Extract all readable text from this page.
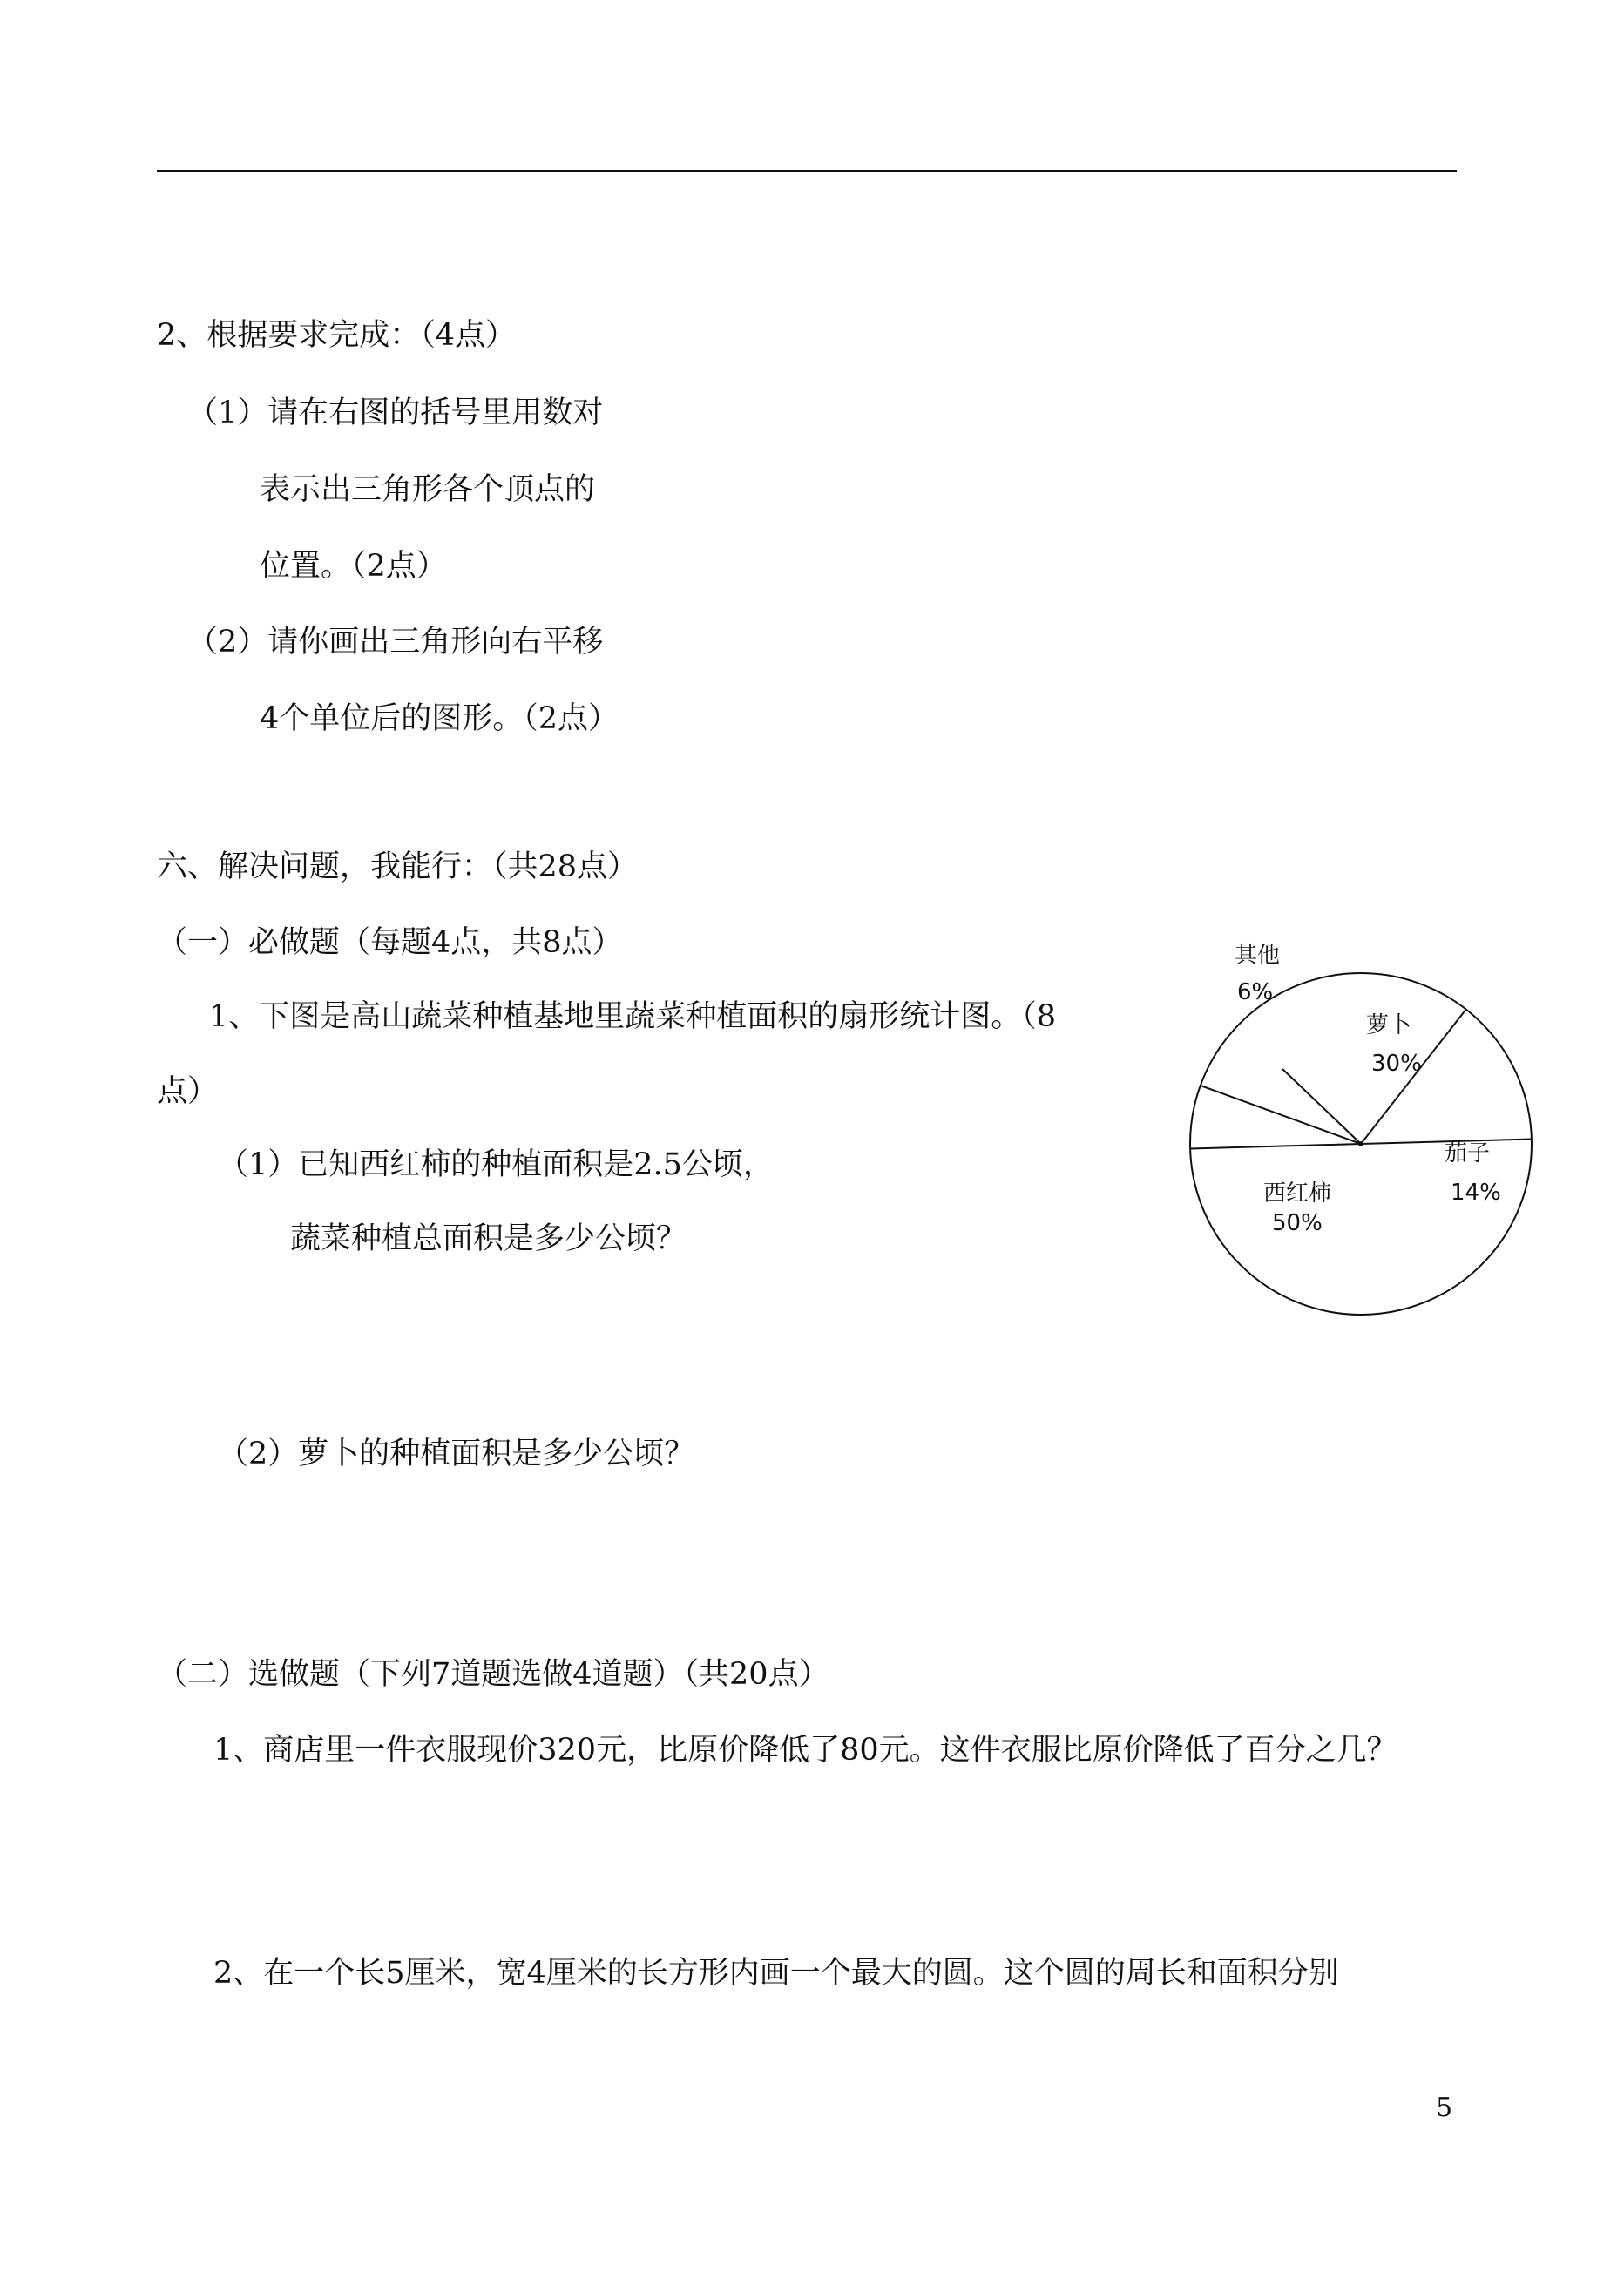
2、根据要求完成：（4点）
（1）请在右图的括号里用数对
表示出三角形各个顶点的
位置。（2点）
（2）请你画出三角形向右平移
4个单位后的图形。（2点）
六、解决问题，我能行：（共28点）
（一）必做题（每题4点，共8点）
1、下图是高山蔬菜种植基地里蔬菜种植面积的扇形统计图。（8
点）
（1）已知西红柿的种植面积是2.5公顷，
蔬菜种植总面积是多少公顷？
（2）萝卜的种植面积是多少公顷？
（二）选做题（下列7道题选做4道题）（共20点）
1、商店里一件衣服现价320元，比原价降低了80元。这件衣服比原价降低了百分之几？
2、在一个长5厘米，宽4厘米的长方形内画一个最大的圆。这个圆的周长和面积分别
其他
6%
萝卜
30%
茄子
14%
西红柿
50%
5
